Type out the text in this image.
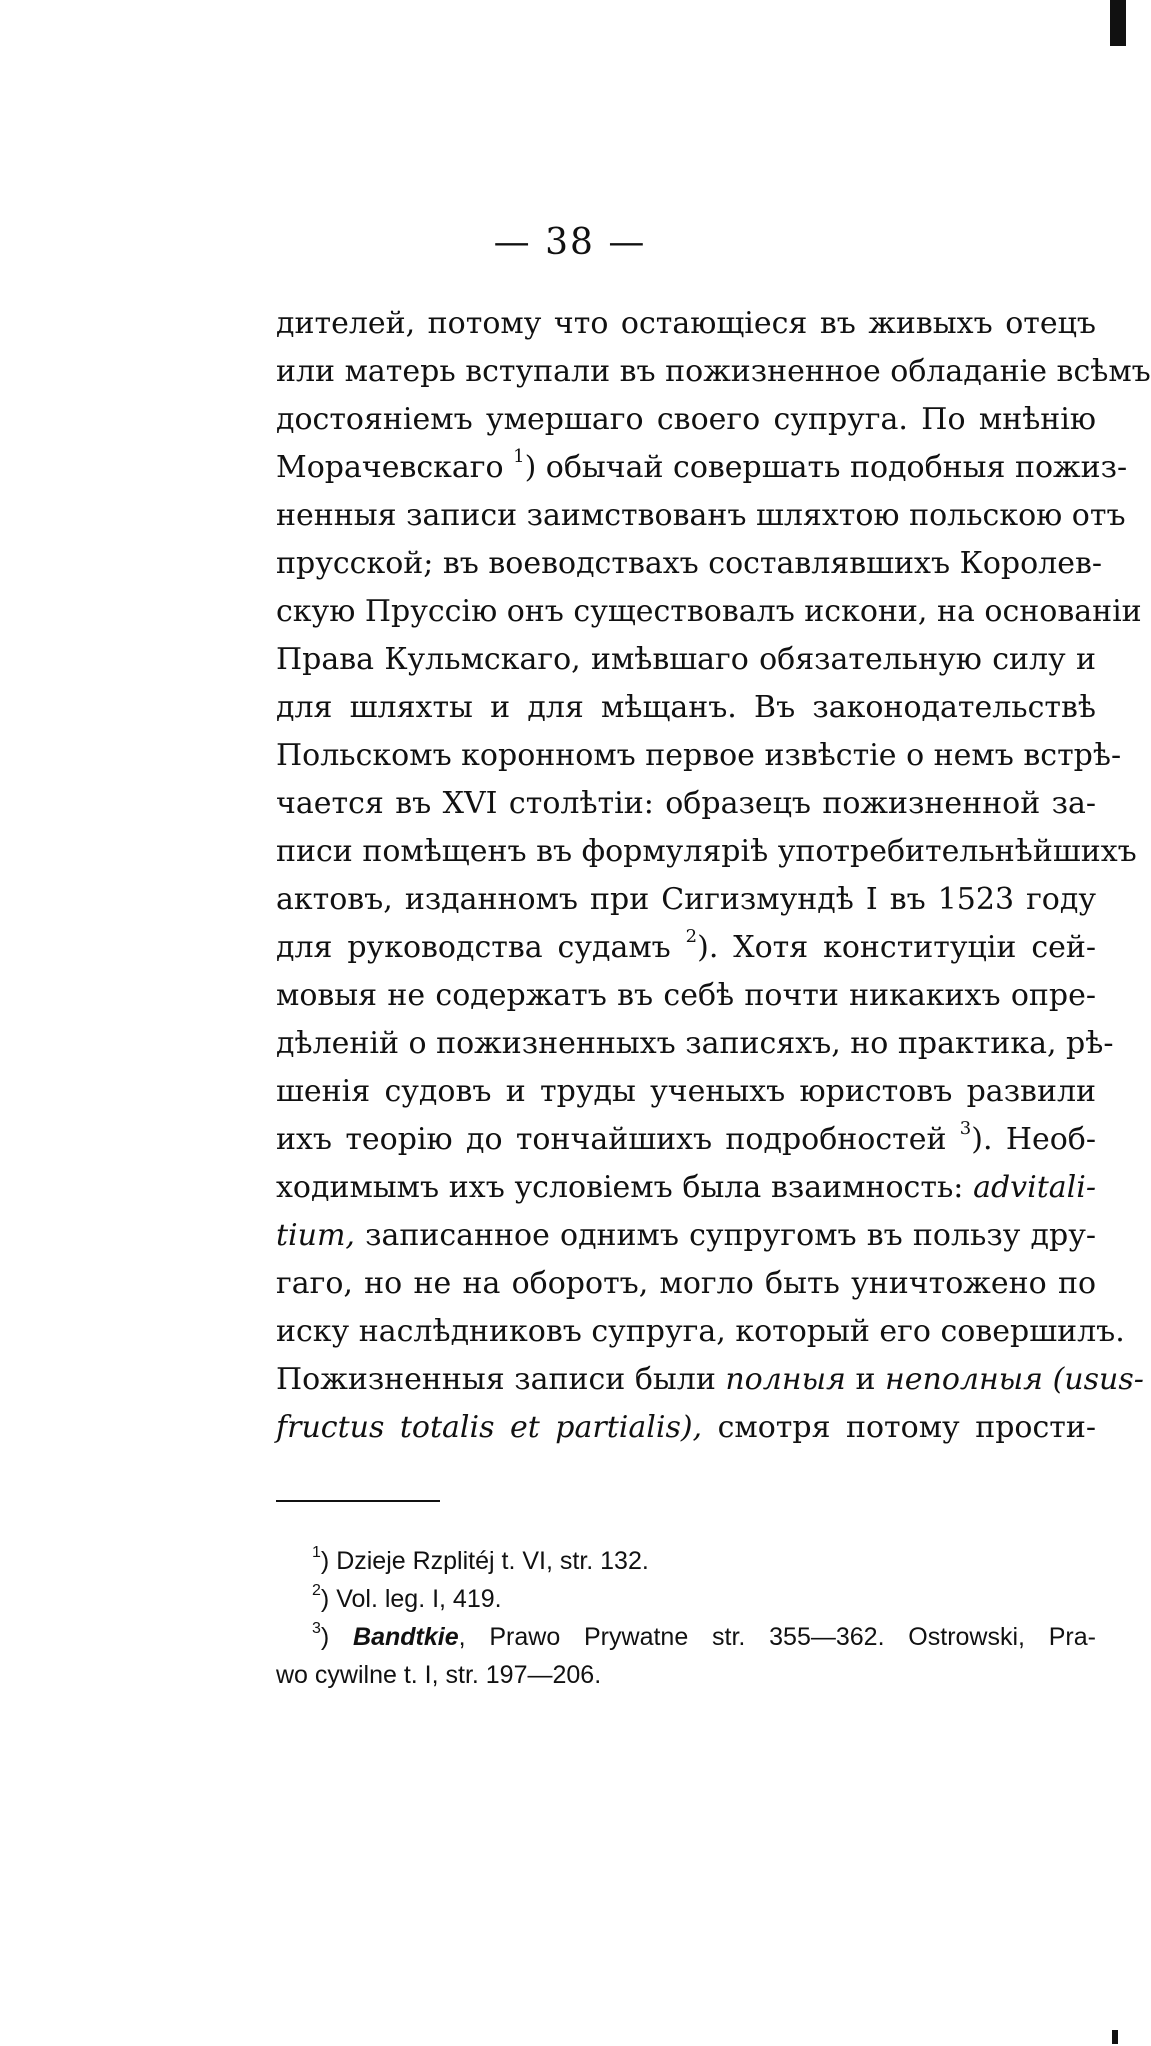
— 38 —
дителей, потому что остающіеся въ живыхъ отецъ
или матерь вступали въ пожизненное обладаніе всѣмъ
достояніемъ умершаго своего супруга. По мнѣнію
Морачевскаго $^1$) обычай совершать подобныя пожиз-
ненныя записи заимствованъ шляхтою польскою отъ
прусской; въ воеводствахъ составлявшихъ Королев-
скую Пруссію онъ существовалъ искони, на основаніи
Права Кульмскаго, имѣвшаго обязательную силу и
для шляхты и для мѣщанъ. Въ законодательствѣ
Польскомъ коронномъ первое извѣстіе о немъ встрѣ-
чается въ XVI столѣтіи: образецъ пожизненной за-
писи помѣщенъ въ формулярiѣ употребительнѣйшихъ
актовъ, изданномъ при Сигизмундѣ I въ 1523 году
для руководства судамъ $^2$). Хотя конституціи сей-
мовыя не содержатъ въ себѣ почти никакихъ опре-
дѣленій о пожизненныхъ записяхъ, но практика, рѣ-
шенія судовъ и труды ученыхъ юристовъ развили
ихъ теорію до тончайшихъ подробностей $^3$). Необ-
ходимымъ ихъ условіемъ была взаимность: advitali-
tium, записанное однимъ супругомъ въ пользу дру-
гаго, но не на оборотъ, могло быть уничтожено по
иску наслѣдниковъ супруга, который его совершилъ.
Пожизненныя записи были полныя и неполныя (usus-
fructus totalis et partialis), смотря потому прости-
$^1$) Dziejе Rzplitéj t. VI, str. 132.
$^2$) Vol. leg. I, 419.
$^3$) Bandtkie, Prawo Prywatne str. 355—362. Ostrowski, Pra-
wo cywilne t. I, str. 197—206.
